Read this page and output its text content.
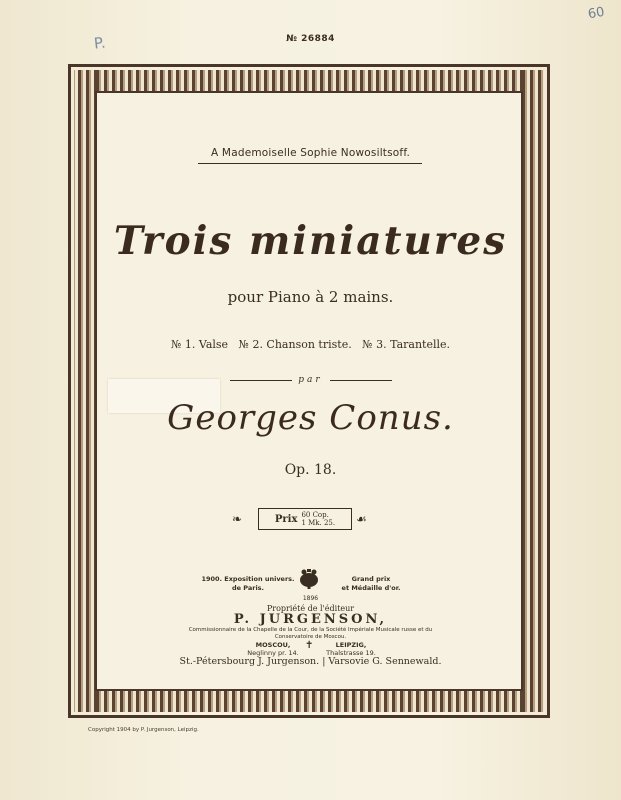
P.
60
№ 26884
A Mademoiselle Sophie Nowosiltsoff.
Trois miniatures
pour Piano à 2 mains.
№ 1. Valse   № 2. Chanson triste.   № 3. Tarantelle.
par
Georges Conus.
Op. 18.
❧	Prix 60 Cop.
1 Mk. 25. ☙
1900. Exposition univers.
de Paris.
Grand prix
et Médaille d'or.
1896
Propriété de l'éditeur
P. JURGENSON,
Commissionnaire de la Chapelle de la Cour, de la Société Impériale Musicale russe et du
Conservatoire de Moscou.
MOSCOU,
Neglinny pr. 14.
✝	LEIPZIG,
Thalstrasse 19.
St.-Pétersbourg J. Jurgenson. | Varsovie G. Sennewald.
Copyright 1904 by P. Jurgenson, Leipzig.
